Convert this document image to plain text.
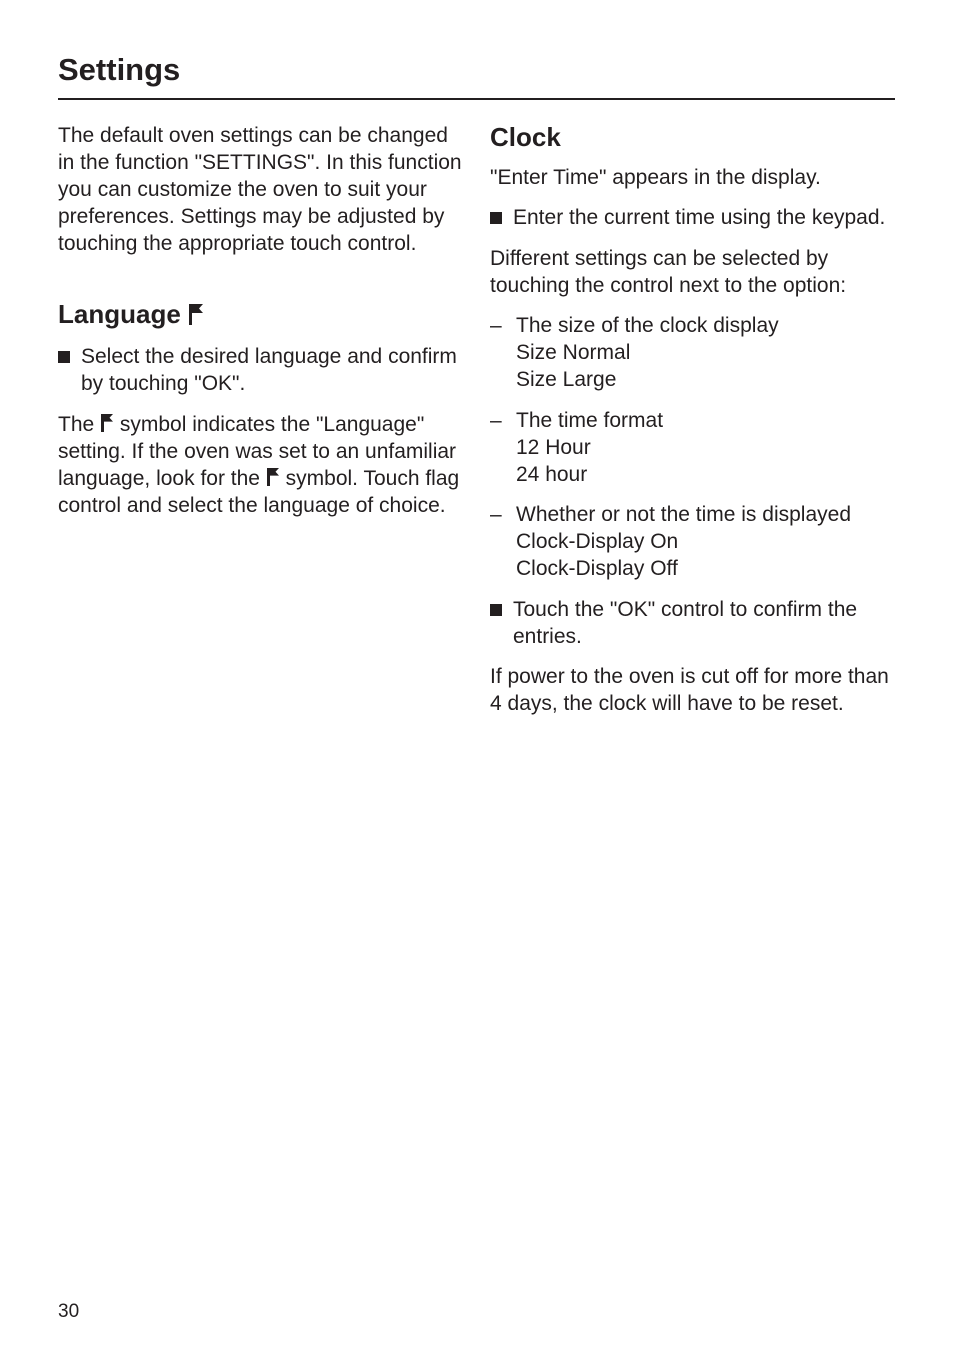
Settings

The default oven settings can be changed in the function "SETTINGS". In this function you can customize the oven to suit your preferences. Settings may be adjusted by touching the appropriate touch control.

Language

Select the desired language and confirm by touching "OK".

The  symbol indicates the "Language" setting. If the oven was set to an unfamiliar language, look for the  symbol. Touch flag control and select the language of choice.

Clock

"Enter Time" appears in the display.

Enter the current time using the keypad.

Different settings can be selected by touching the control next to the option:

– The size of the clock display
Size Normal
Size Large
– The time format
12 Hour
24 hour
– Whether or not the time is displayed
Clock-Display On
Clock-Display Off

Touch the "OK" control to confirm the entries.

If power to the oven is cut off for more than 4 days, the clock will have to be reset.

30
